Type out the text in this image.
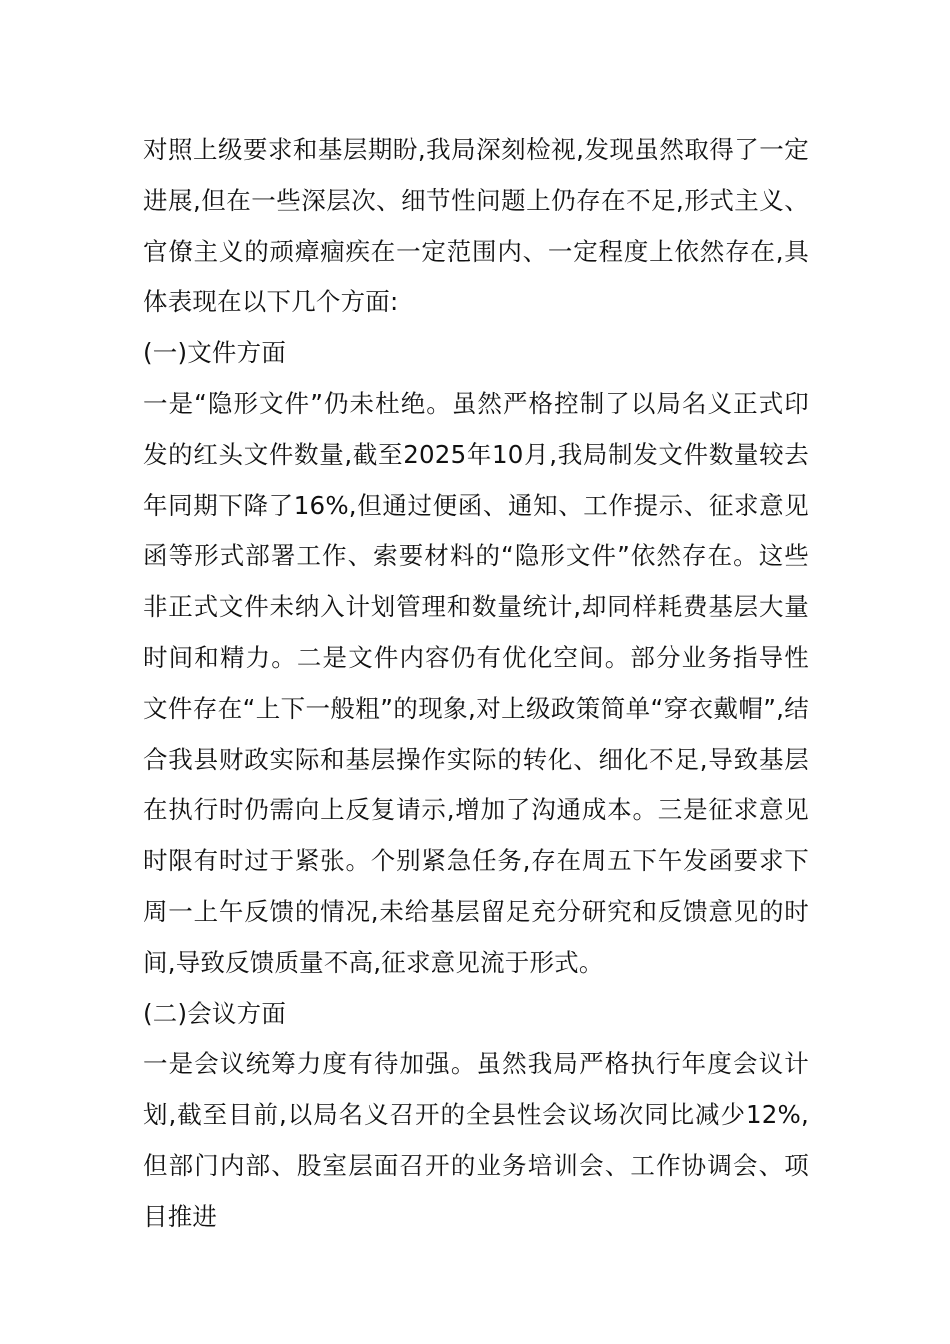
对照上级要求和基层期盼,我局深刻检视,发现虽然取得了一定进展,但在一些深层次、细节性问题上仍存在不足,形式主义、官僚主义的顽瘴痼疾在一定范围内、一定程度上依然存在,具体表现在以下几个方面:

(一)文件方面

一是“隐形文件”仍未杜绝。虽然严格控制了以局名义正式印发的红头文件数量,截至2025年10月,我局制发文件数量较去年同期下降了16%,但通过便函、通知、工作提示、征求意见函等形式部署工作、索要材料的“隐形文件”依然存在。这些非正式文件未纳入计划管理和数量统计,却同样耗费基层大量时间和精力。二是文件内容仍有优化空间。部分业务指导性文件存在“上下一般粗”的现象,对上级政策简单“穿衣戴帽”,结合我县财政实际和基层操作实际的转化、细化不足,导致基层在执行时仍需向上反复请示,增加了沟通成本。三是征求意见时限有时过于紧张。个别紧急任务,存在周五下午发函要求下周一上午反馈的情况,未给基层留足充分研究和反馈意见的时间,导致反馈质量不高,征求意见流于形式。

(二)会议方面

一是会议统筹力度有待加强。虽然我局严格执行年度会议计划,截至目前,以局名义召开的全县性会议场次同比减少12%,但部门内部、股室层面召开的业务培训会、工作协调会、项目推进
